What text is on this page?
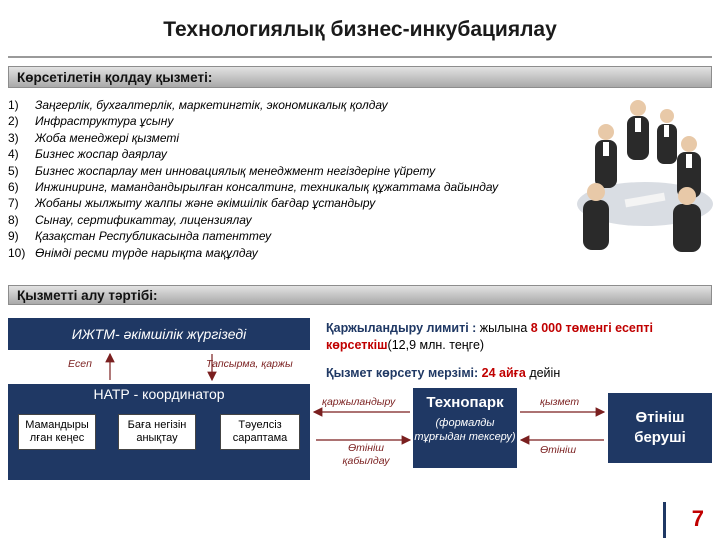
Технологиялық бизнес-инкубациялау
Көрсетілетін қолдау қызметі:
1)	Заңгерлік, бухгалтерлік, маркетингтік, экономикалық қолдау
2)	Инфраструктура ұсыну
3)	Жоба менеджері қызметі
4)	Бизнес жоспар даярлау
5)	Бизнес жоспарлау мен инновациялық менеджмент негіздеріне үйрету
6)	Инжиниринг, мамандандырылған консалтинг, техникалық құжаттама дайындау
7)	Жобаны жылжыту жалпы және әкімшілік бағдар ұстандыру
8)	Сынау, сертификаттау, лицензиялау
9)	Қазақстан Республикасында патенттеу
10) Өнімді ресми түрде нарықта мақұлдау
Қызметті алу тәртібі:
ИЖТМ- әкімшілік жүргізеді
Есеп	Тапсырма, қаржы
НАТР - координатор
Мамандыры лған кеңес
Баға негізін анықтау
Тәуелсіз сараптама
Қаржыландыру лимиті : жылына 8 000 төменгі есепті көрсеткіш(12,9 млн. теңге)
Қызмет көрсету мерзімі: 24 айға дейін
қаржыландыру
Өтініш қабылдау
Технопарк
(формалды тұрғыдан тексеру)
қызмет
Өтініш
Өтініш беруші
7
